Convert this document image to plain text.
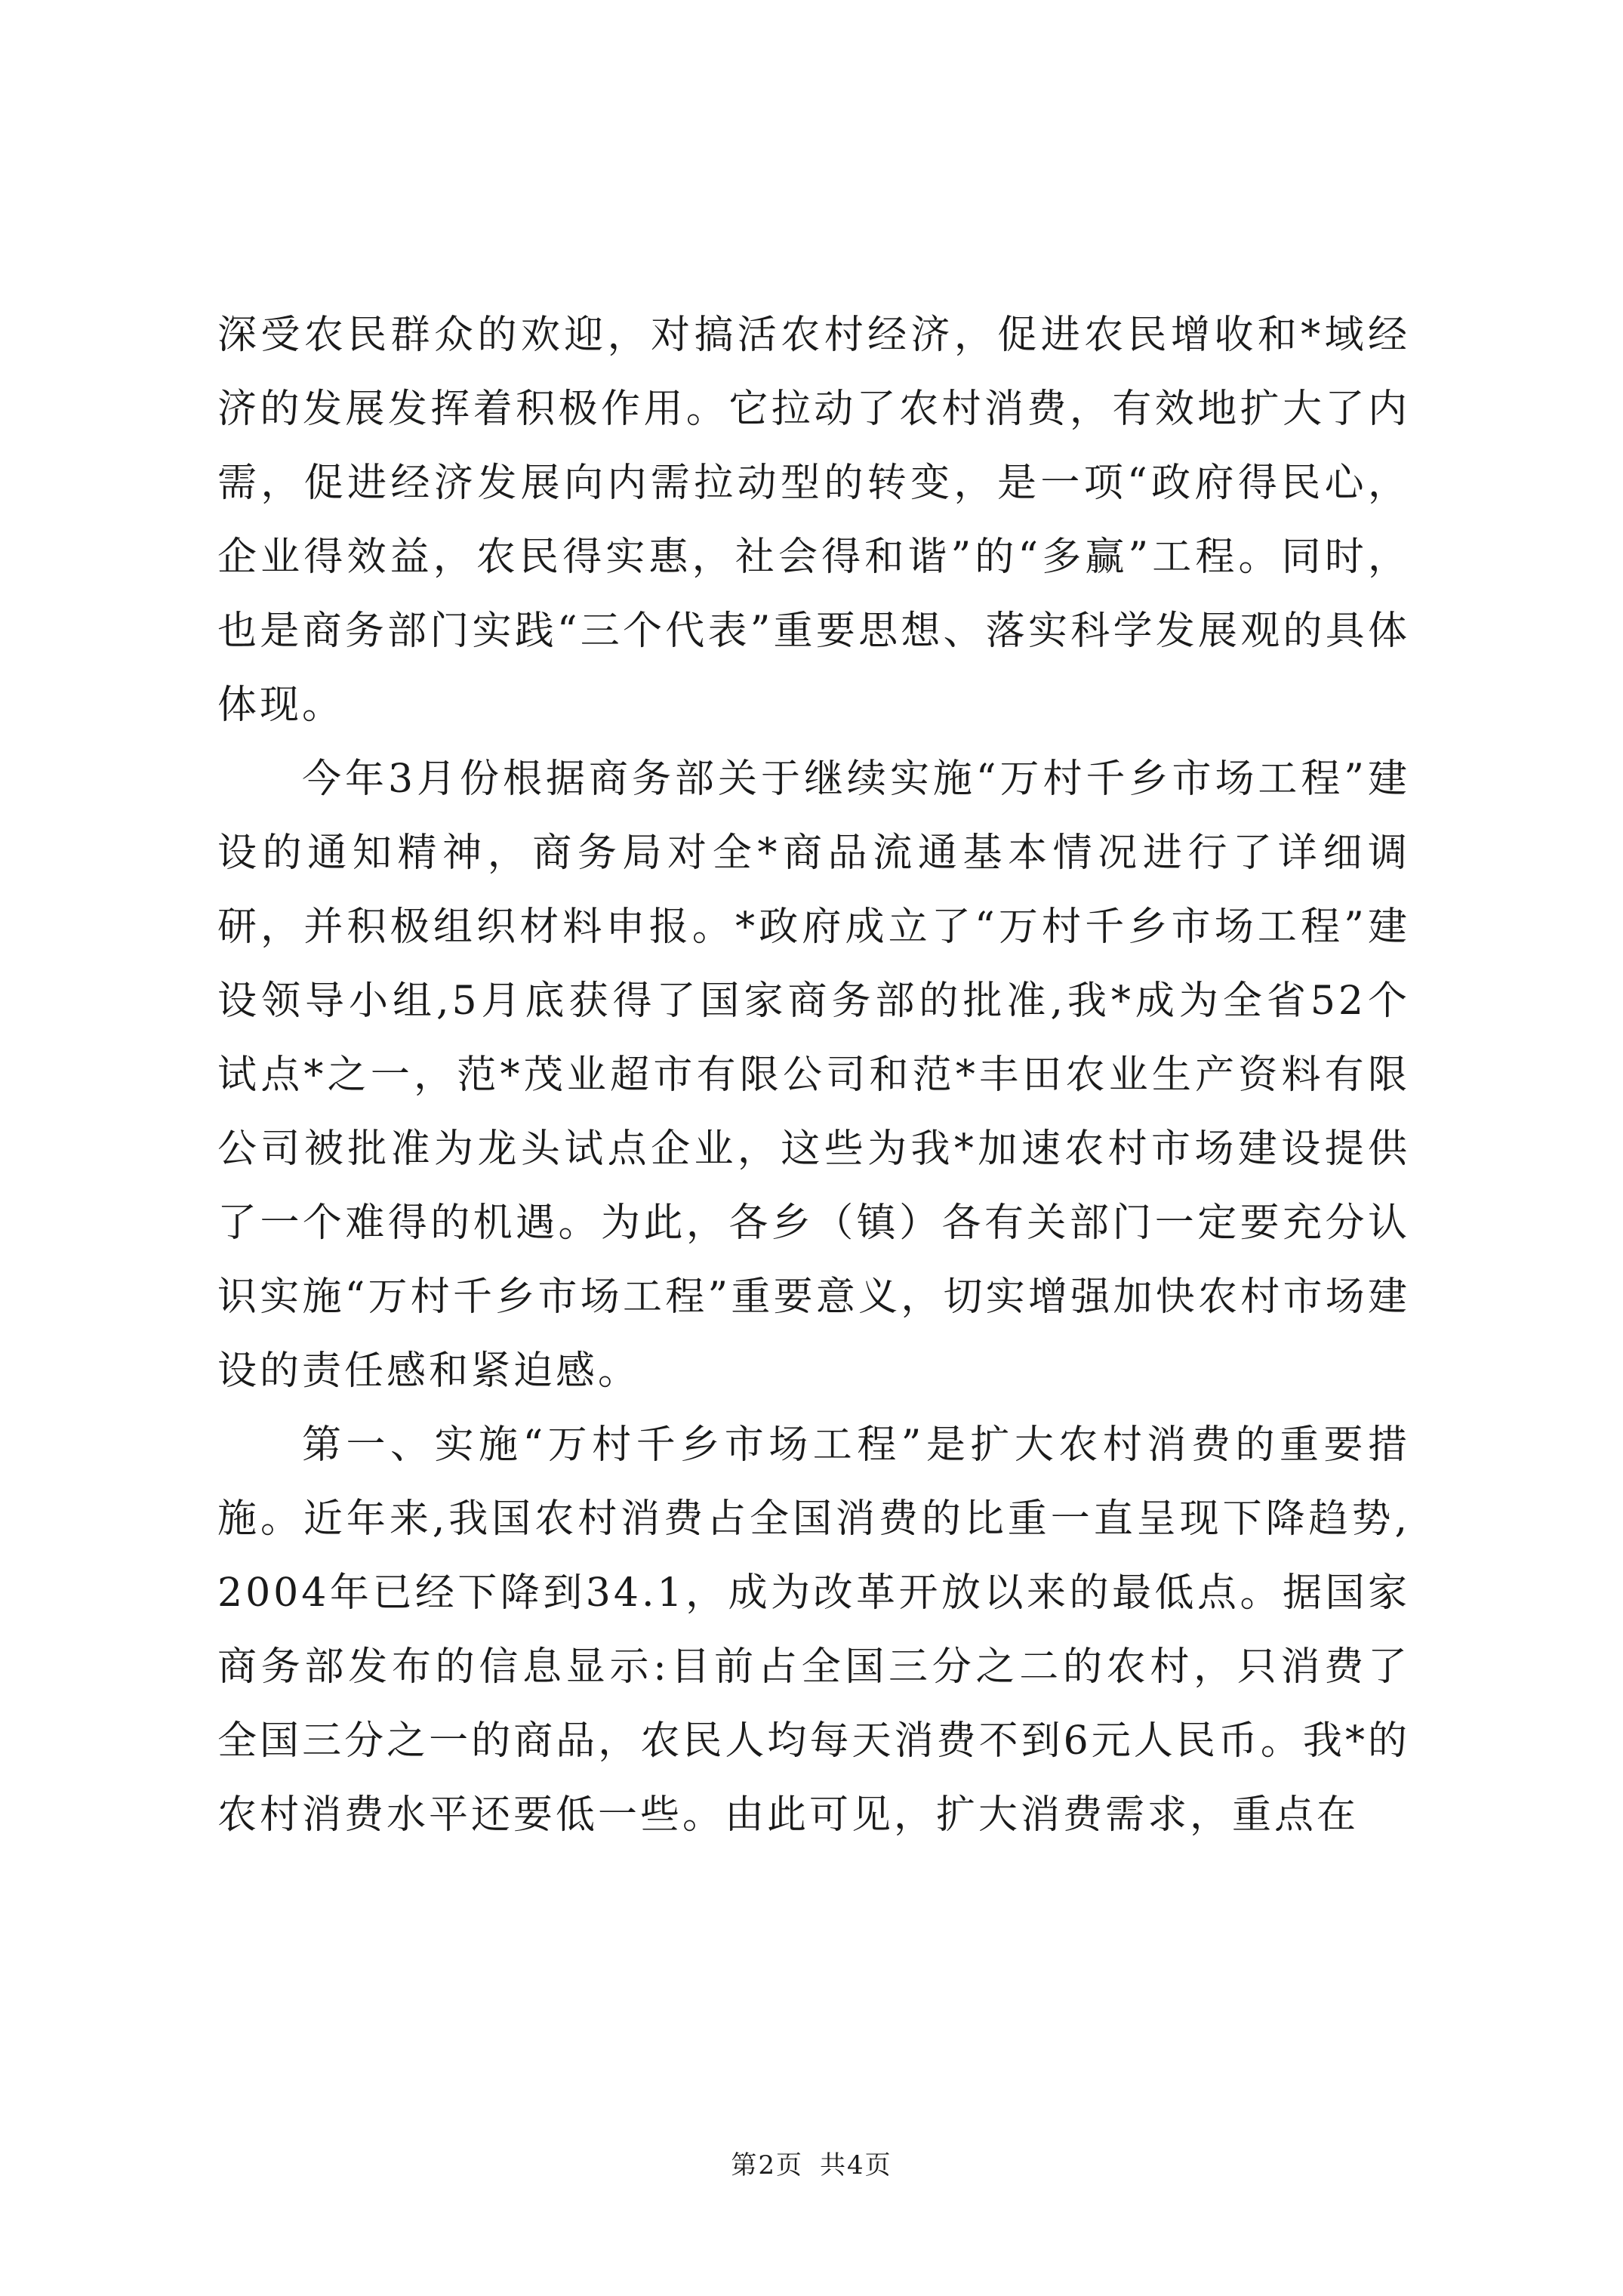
深受农民群众的欢迎，对搞活农村经济，促进农民增收和*域经济的发展发挥着积极作用。它拉动了农村消费，有效地扩大了内需，促进经济发展向内需拉动型的转变，是一项“政府得民心，企业得效益，农民得实惠，社会得和谐”的“多赢”工程。同时，也是商务部门实践“三个代表”重要思想、落实科学发展观的具体体现。

今年3月份根据商务部关于继续实施“万村千乡市场工程”建设的通知精神，商务局对全*商品流通基本情况进行了详细调研，并积极组织材料申报。*政府成立了“万村千乡市场工程”建设领导小组,5月底获得了国家商务部的批准,我*成为全省52个试点*之一，范*茂业超市有限公司和范*丰田农业生产资料有限公司被批准为龙头试点企业，这些为我*加速农村市场建设提供了一个难得的机遇。为此，各乡（镇）各有关部门一定要充分认识实施“万村千乡市场工程”重要意义，切实增强加快农村市场建设的责任感和紧迫感。

第一、实施“万村千乡市场工程”是扩大农村消费的重要措施。近年来,我国农村消费占全国消费的比重一直呈现下降趋势,2004年已经下降到34.1，成为改革开放以来的最低点。据国家商务部发布的信息显示:目前占全国三分之二的农村，只消费了全国三分之一的商品，农民人均每天消费不到6元人民币。我*的农村消费水平还要低一些。由此可见，扩大消费需求，重点在

第2页 共4页
